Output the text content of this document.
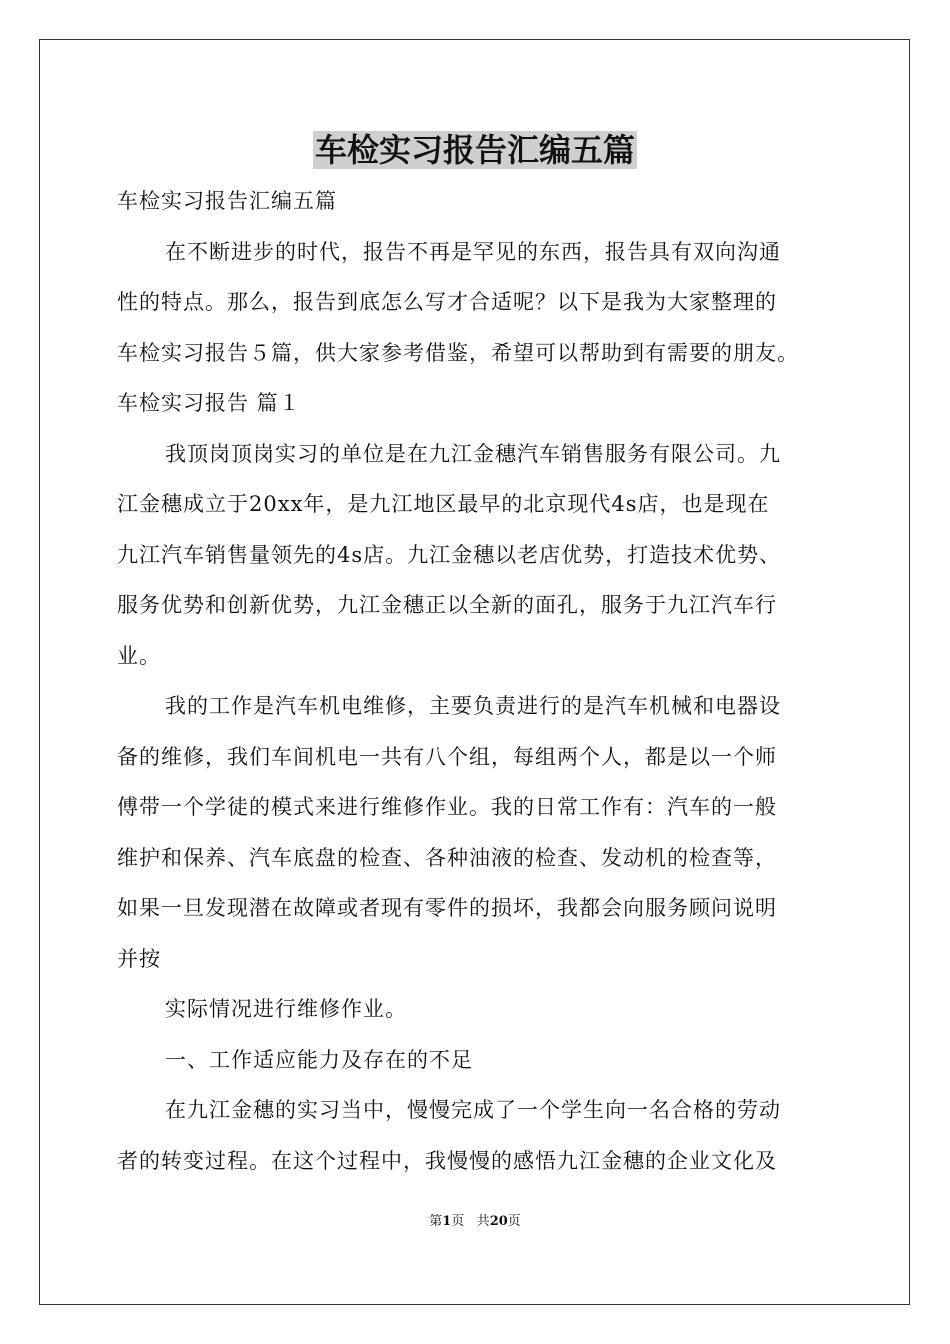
车检实习报告汇编五篇
车检实习报告汇编五篇
在不断进步的时代，报告不再是罕见的东西，报告具有双向沟通
性的特点。那么，报告到底怎么写才合适呢？以下是我为大家整理的
车检实习报告５篇，供大家参考借鉴，希望可以帮助到有需要的朋友。
车检实习报告 篇１
我顶岗顶岗实习的单位是在九江金穗汽车销售服务有限公司。九
江金穗成立于20xx年，是九江地区最早的北京现代4s店，也是现在
九江汽车销售量领先的4s店。九江金穗以老店优势，打造技术优势、
服务优势和创新优势，九江金穗正以全新的面孔，服务于九江汽车行
业。
我的工作是汽车机电维修，主要负责进行的是汽车机械和电器设
备的维修，我们车间机电一共有八个组，每组两个人，都是以一个师
傅带一个学徒的模式来进行维修作业。我的日常工作有：汽车的一般
维护和保养、汽车底盘的检查、各种油液的检查、发动机的检查等，
如果一旦发现潜在故障或者现有零件的损坏，我都会向服务顾问说明
并按
实际情况进行维修作业。
一、工作适应能力及存在的不足
在九江金穗的实习当中，慢慢完成了一个学生向一名合格的劳动
者的转变过程。在这个过程中，我慢慢的感悟九江金穗的企业文化及
第1页 共20页
